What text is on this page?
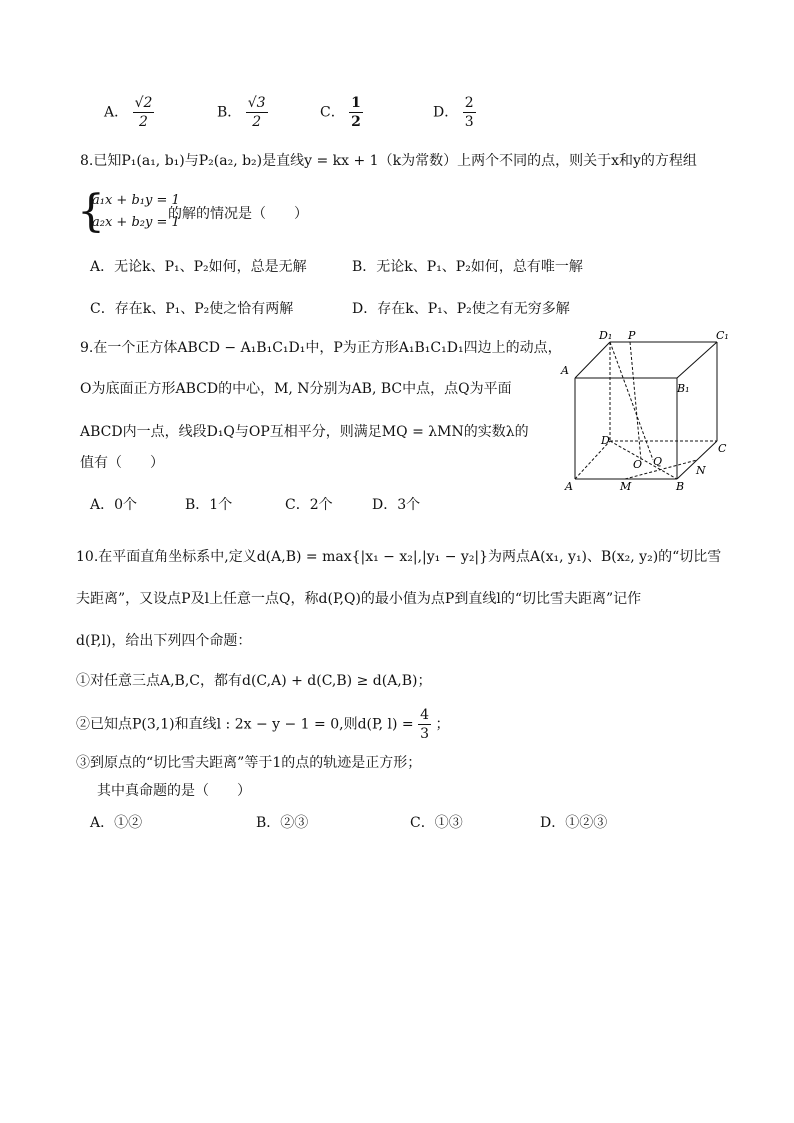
A． $\frac{√2}{2}$	B． $\frac{√3}{2}$	C． $\frac{1}{2}$	D． $\frac{2}{3}$
8.已知P₁(a₁, b₁)与P₂(a₂, b₂)是直线y = kx + 1（k为常数）上两个不同的点，则关于x和y的方程组
{
a₁x + b₁y = 1
a₂x + b₂y = 1
的解的情况是（　　）
A．无论k、P₁、P₂如何，总是无解	B．无论k、P₁、P₂如何，总有唯一解
C．存在k、P₁、P₂使之恰有两解	D．存在k、P₁、P₂使之有无穷多解
9.在一个正方体ABCD − A₁B₁C₁D₁中，P为正方形A₁B₁C₁D₁四边上的动点，
O为底面正方形ABCD的中心，M, N分别为AB, BC中点，点Q为平面
ABCD内一点，线段D₁Q与OP互相平分，则满足MQ = λMN的实数λ的
值有（　　）
A．0个	B．1个	C．2个	D．3个
D₁ P	C₁
A
B₁
D
C
O Q
N
A	M	B
10.在平面直角坐标系中,定义d(A,B) = max{|x₁ − x₂|,|y₁ − y₂|}为两点A(x₁, y₁)、B(x₂, y₂)的“切比雪
夫距离”，又设点P及l上任意一点Q，称d(P,Q)的最小值为点P到直线l的“切比雪夫距离”记作
d(P,l)，给出下列四个命题：
①对任意三点A,B,C，都有d(C,A) + d(C,B) ≥ d(A,B)；
②已知点P(3,1)和直线l : 2x − y − 1 = 0,则d(P, $l) = \frac{4}{3}$ ；
③到原点的“切比雪夫距离”等于1的点的轨迹是正方形；
其中真命题的是（　　）
A．①②	B．②③	C．①③	D．①②③
